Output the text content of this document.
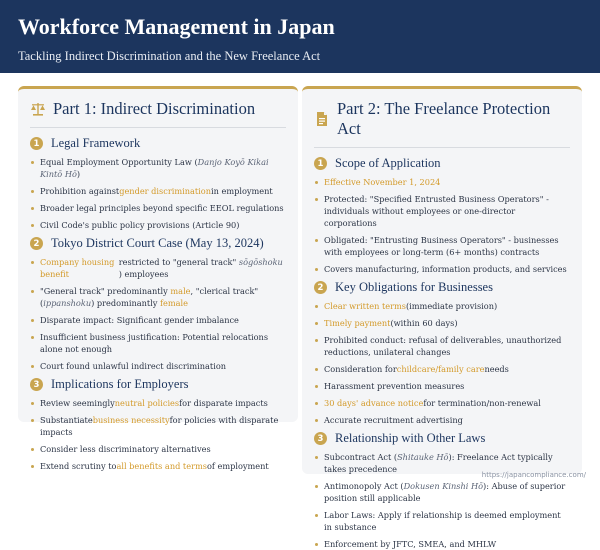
Workforce Management in Japan
Tackling Indirect Discrimination and the New Freelance Act
Part 1: Indirect Discrimination
1 Legal Framework
Equal Employment Opportunity Law (Danjo Koyō Kikai Kintō Hō)
Prohibition againstgender discriminationin employment
Broader legal principles beyond specific EEOL regulations
Civil Code's public policy provisions (Article 90)
2 Tokyo District Court Case (May 13, 2024)
Company housing benefit
restricted to "general track" sōgōshoku) employees
"General track" predominantly male, "clerical track" (ippanshoku) predominantly female
Disparate impact: Significant gender imbalance
Insufficient business justification: Potential relocations alone not enough
Court found unlawful indirect discrimination
3 Implications for Employers
Review seeminglyneutral policiesfor disparate impacts
Substantiatebusiness necessityfor policies with disparate impacts
Consider less discriminatory alternatives
Extend scrutiny toall benefits and termsof employment
Part 2: The Freelance Protection Act
1 Scope of Application
Effective November 1, 2024
Protected: "Specified Entrusted Business Operators" - individuals without employees or one-director corporations
Obligated: "Entrusting Business Operators" - businesses with employees or long-term (6+ months) contracts
Covers manufacturing, information products, and services
2 Key Obligations for Businesses
Clear written terms(immediate provision)
Timely payment(within 60 days)
Prohibited conduct: refusal of deliverables, unauthorized reductions, unilateral changes
Consideration forchildcare/family careneeds
Harassment prevention measures
30 days' advance noticefor termination/non-renewal
Accurate recruitment advertising
3 Relationship with Other Laws
Subcontract Act (Shitauke Hō): Freelance Act typically takes precedence
Antimonopoly Act (Dokusen Kinshi Hō): Abuse of superior position still applicable
Labor Laws: Apply if relationship is deemed employment in substance
Enforcement by JFTC, SMEA, and MHLW
https://japancompliance.com/
